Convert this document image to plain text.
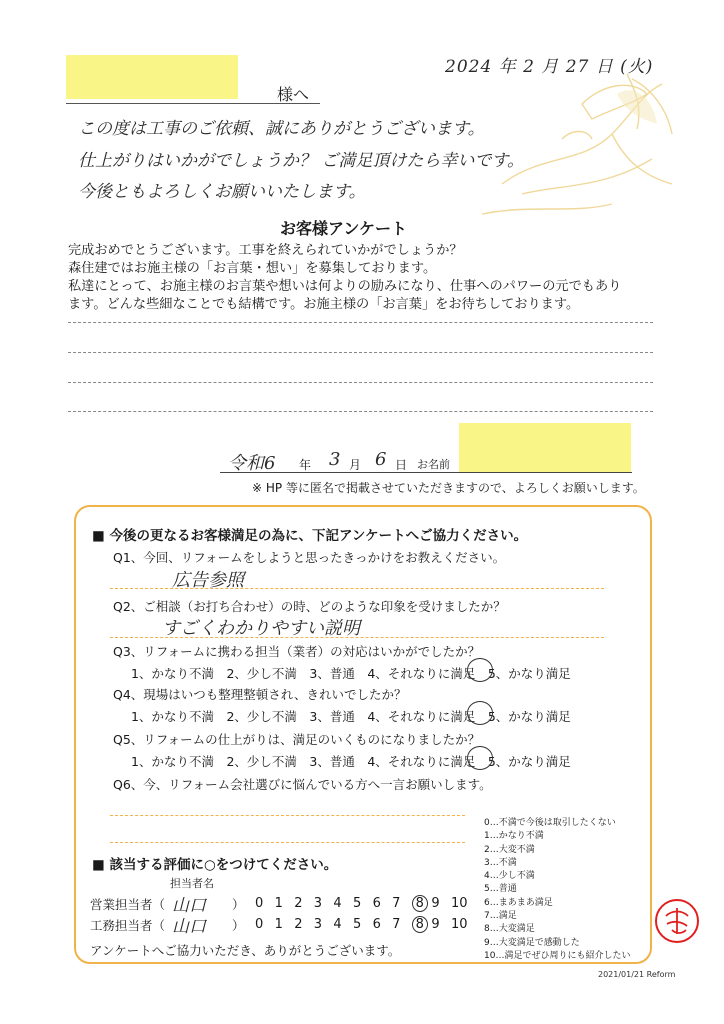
2024 年 2 月 27 日 (火)
様へ
この度は工事のご依頼、誠にありがとうございます。
仕上がりはいかがでしょうか？ ご満足頂けたら幸いです。
今後ともよろしくお願いいたします。
お客様アンケート
完成おめでとうございます。工事を終えられていかがでしょうか？
森住建ではお施主様の「お言葉・想い」を募集しております。
私達にとって、お施主様のお言葉や想いは何よりの励みになり、仕事へのパワーの元でもあり
ます。どんな些細なことでも結構です。お施主様の「お言葉」をお待ちしております。
令和6 年 3 月 6 日 お名前
※ HP 等に匿名で掲載させていただきますので、よろしくお願いします。
■ 今後の更なるお客様満足の為に、下記アンケートへご協力ください。
Q1、今回、リフォームをしようと思ったきっかけをお教えください。
広告参照
Q2、ご相談（お打ち合わせ）の時、どのような印象を受けましたか？
すごくわかりやすい説明
Q3、リフォームに携わる担当（業者）の対応はいかがでしたか？
1、かなり不満　2、少し不満　3、普通　4、それなりに満足　5、かなり満足
Q4、現場はいつも整理整頓され、きれいでしたか？
1、かなり不満　2、少し不満　3、普通　4、それなりに満足　5、かなり満足
Q5、リフォームの仕上がりは、満足のいくものになりましたか？
1、かなり不満　2、少し不満　3、普通　4、それなりに満足　5、かなり満足
Q6、今、リフォーム会社選びに悩んでいる方へ一言お願いします。
0…不満で今後は取引したくない
1…かなり不満
2…大変不満
3…不満
4…少し不満
5…普通
6…まあまあ満足
7…満足
8…大変満足
9…大変満足で感動した
10…満足でぜひ周りにも紹介したい
■ 該当する評価に○をつけてください。
担当者名
営業担当者（ 山口 ） 0 1 2 3 4 5 6 7 8 9 10
工務担当者（ 山口 ） 0 1 2 3 4 5 6 7 8 9 10
アンケートへご協力いただき、ありがとうございます。
2021/01/21 Reform
